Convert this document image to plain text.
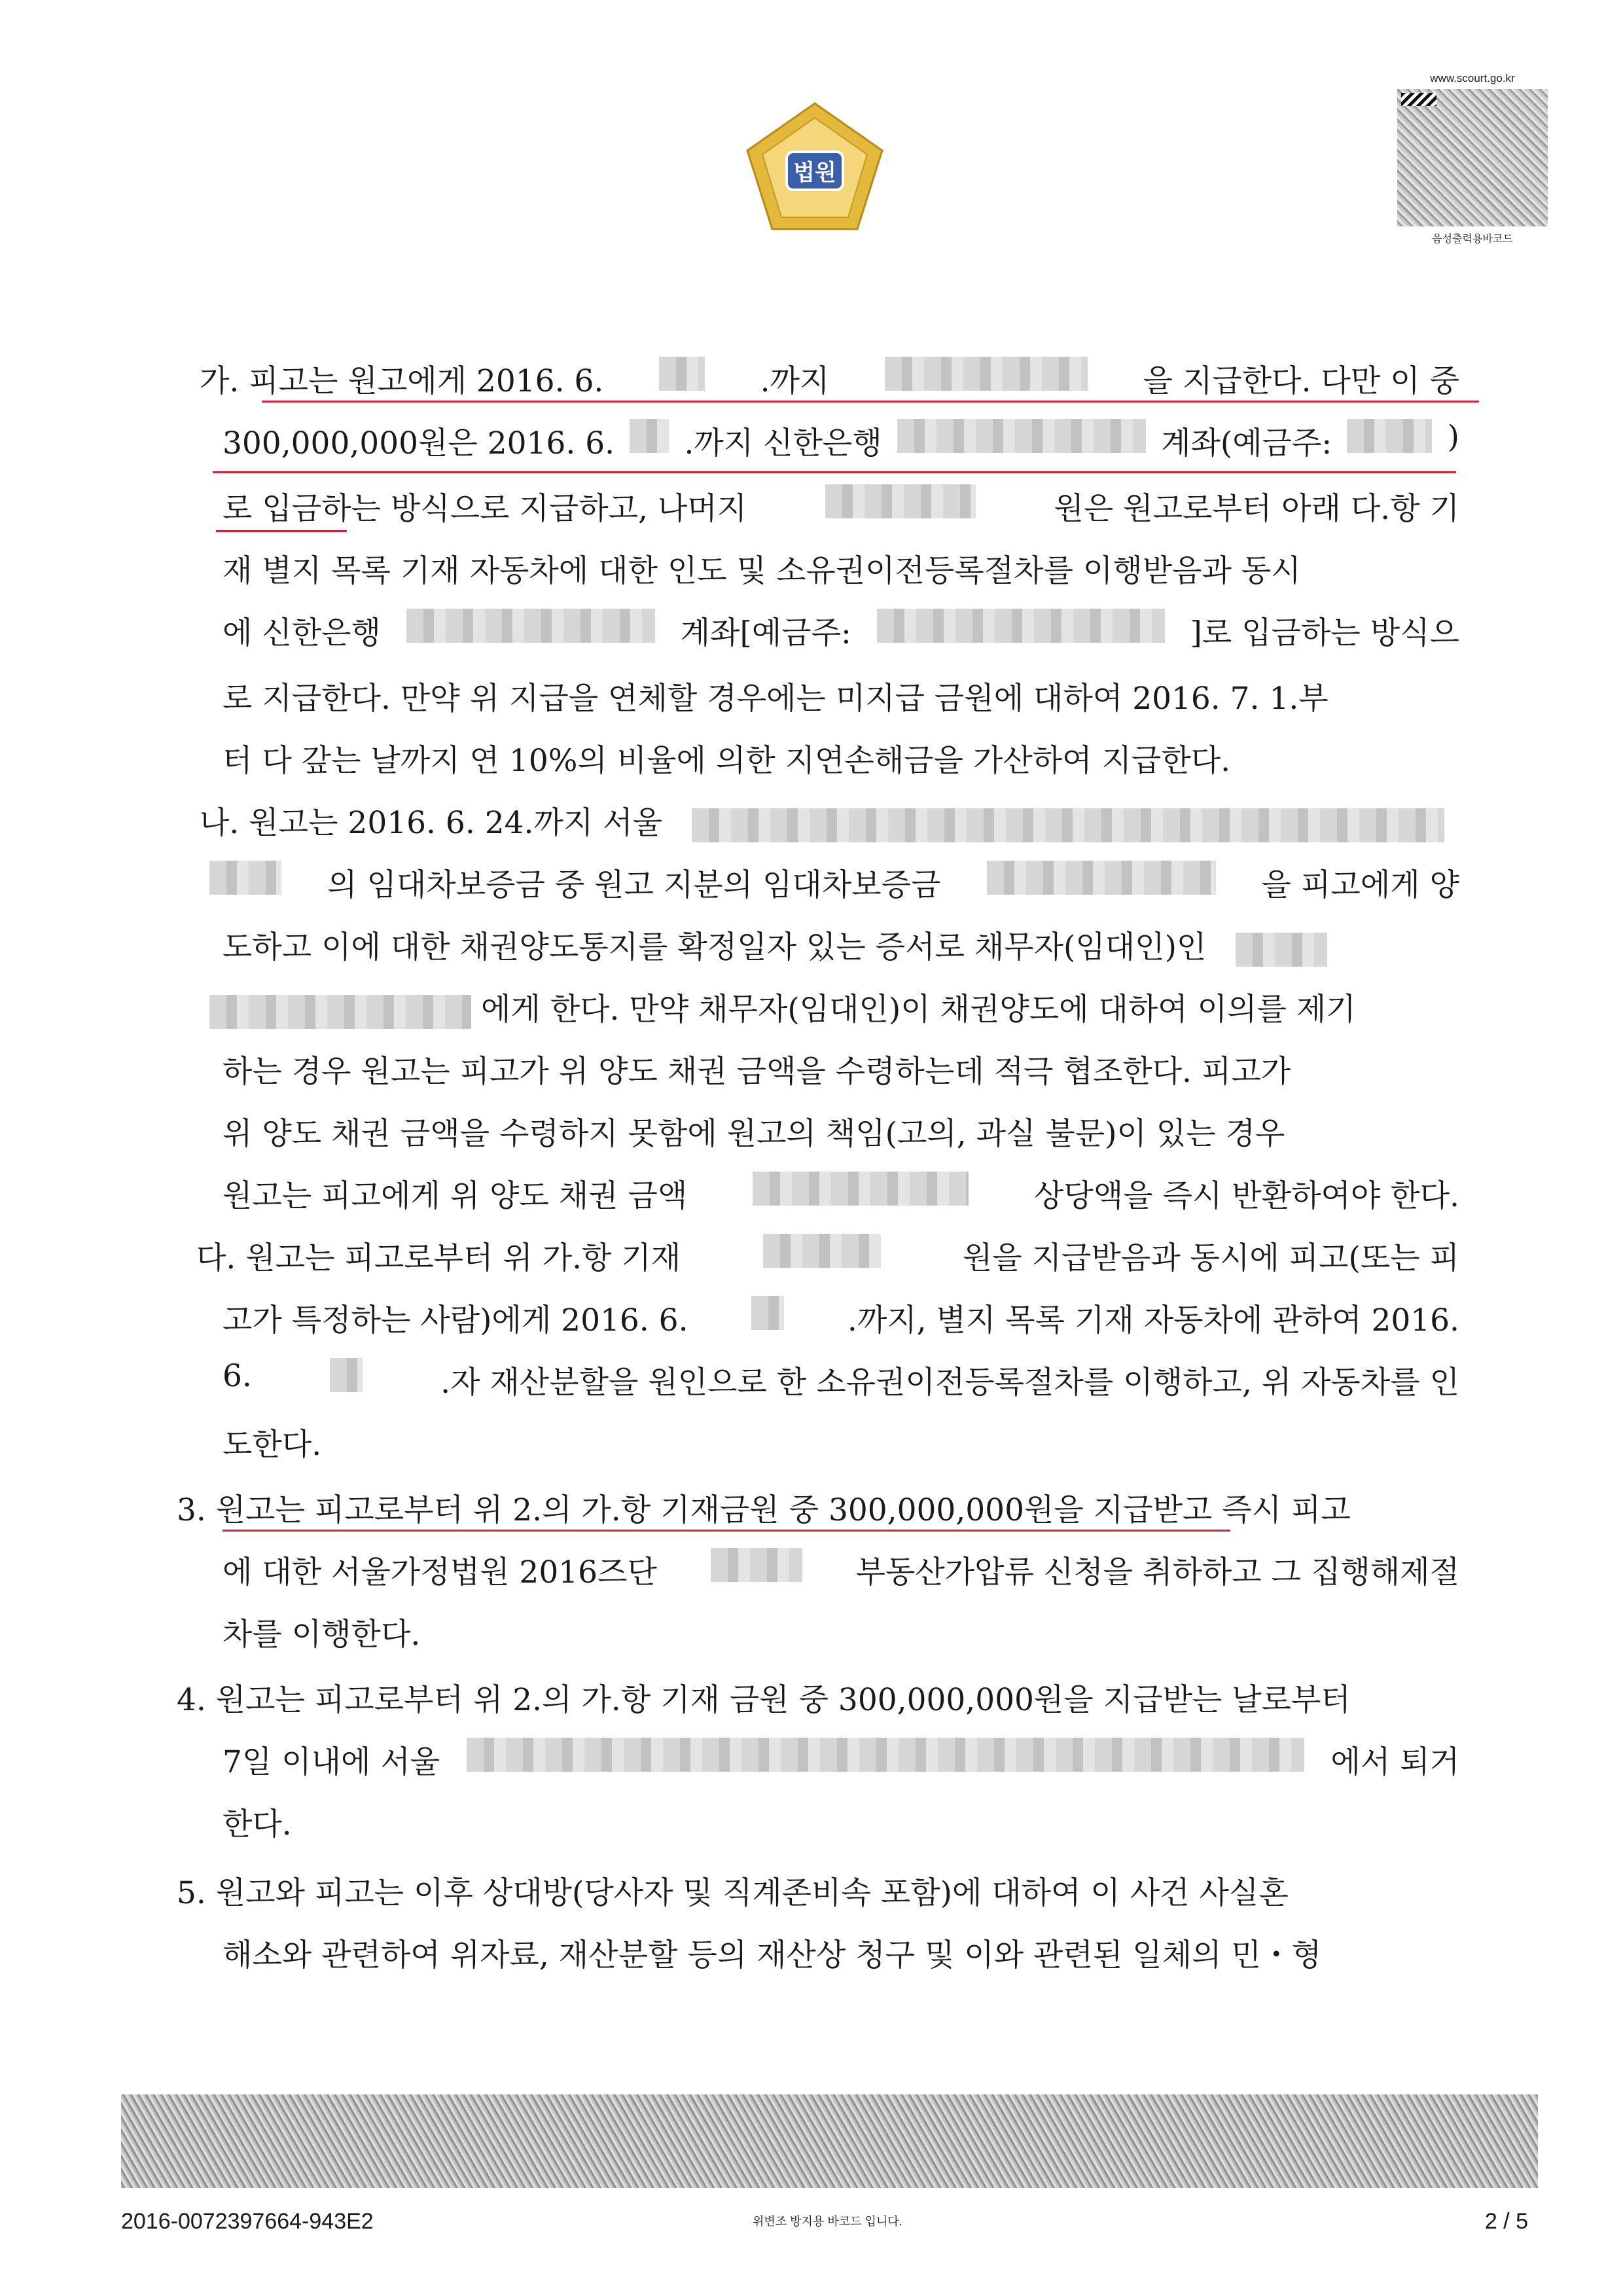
법원
www.scourt.go.kr
음성출력용바코드
가. 피고는 원고에게 2016. 6.	.까지	을 지급한다. 다만 이 중
300,000,000원은 2016. 6. .까지 신한은행	계좌(예금주:	)
로 입금하는 방식으로 지급하고, 나머지	원은 원고로부터 아래 다.항 기
재 별지 목록 기재 자동차에 대한 인도 및 소유권이전등록절차를 이행받음과 동시
에 신한은행	계좌[예금주:	]로 입금하는 방식으
로 지급한다. 만약 위 지급을 연체할 경우에는 미지급 금원에 대하여 2016. 7. 1.부
터 다 갚는 날까지 연 10%의 비율에 의한 지연손해금을 가산하여 지급한다.
나. 원고는 2016. 6. 24.까지 서울
의 임대차보증금 중 원고 지분의 임대차보증금	을 피고에게 양
도하고 이에 대한 채권양도통지를 확정일자 있는 증서로 채무자(임대인)인
에게 한다. 만약 채무자(임대인)이 채권양도에 대하여 이의를 제기
하는 경우 원고는 피고가 위 양도 채권 금액을 수령하는데 적극 협조한다. 피고가
위 양도 채권 금액을 수령하지 못함에 원고의 책임(고의, 과실 불문)이 있는 경우
원고는 피고에게 위 양도 채권 금액	상당액을 즉시 반환하여야 한다.
다. 원고는 피고로부터 위 가.항 기재	원을 지급받음과 동시에 피고(또는 피
고가 특정하는 사람)에게 2016. 6.	.까지, 별지 목록 기재 자동차에 관하여 2016.
6.	.자 재산분할을 원인으로 한 소유권이전등록절차를 이행하고, 위 자동차를 인
도한다.
3. 원고는 피고로부터 위 2.의 가.항 기재금원 중 300,000,000원을 지급받고 즉시 피고
에 대한 서울가정법원 2016즈단	부동산가압류 신청을 취하하고 그 집행해제절
차를 이행한다.
4. 원고는 피고로부터 위 2.의 가.항 기재 금원 중 300,000,000원을 지급받는 날로부터
7일 이내에 서울	에서 퇴거
한다.
5. 원고와 피고는 이후 상대방(당사자 및 직계존비속 포함)에 대하여 이 사건 사실혼
해소와 관련하여 위자료, 재산분할 등의 재산상 청구 및 이와 관련된 일체의 민・형
2016-0072397664-943E2	위변조 방지용 바코드 입니다.	2 / 5
